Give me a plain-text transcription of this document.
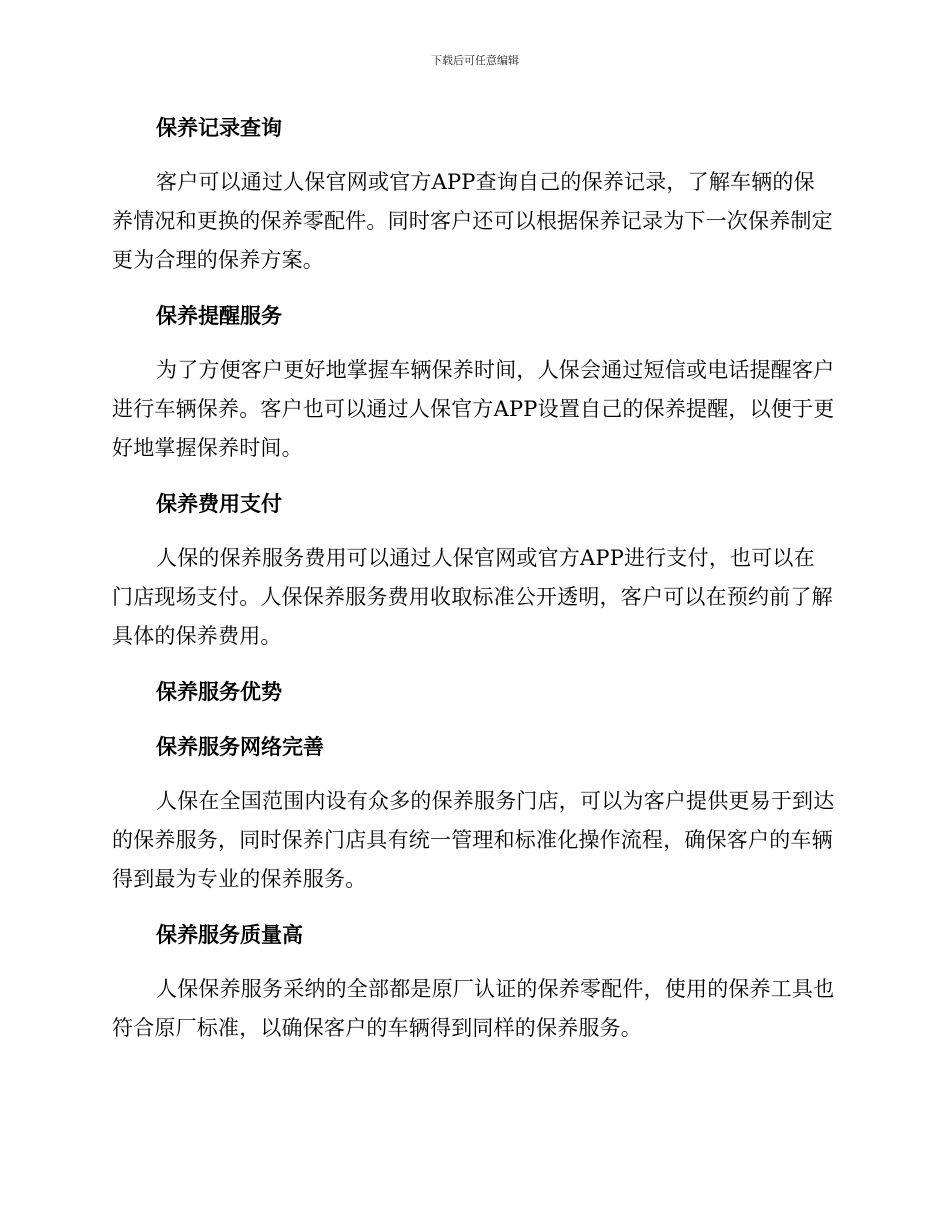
下载后可任意编辑
保养记录查询

客户可以通过人保官网或官方APP查询自己的保养记录，了解车辆的保养情况和更换的保养零配件。同时客户还可以根据保养记录为下一次保养制定更为合理的保养方案。

保养提醒服务

为了方便客户更好地掌握车辆保养时间，人保会通过短信或电话提醒客户进行车辆保养。客户也可以通过人保官方APP设置自己的保养提醒，以便于更好地掌握保养时间。

保养费用支付

人保的保养服务费用可以通过人保官网或官方APP进行支付，也可以在门店现场支付。人保保养服务费用收取标准公开透明，客户可以在预约前了解具体的保养费用。

保养服务优势
保养服务网络完善

人保在全国范围内设有众多的保养服务门店，可以为客户提供更易于到达的保养服务，同时保养门店具有统一管理和标准化操作流程，确保客户的车辆得到最为专业的保养服务。

保养服务质量高

人保保养服务采纳的全部都是原厂认证的保养零配件，使用的保养工具也符合原厂标准，以确保客户的车辆得到同样的保养服务。
